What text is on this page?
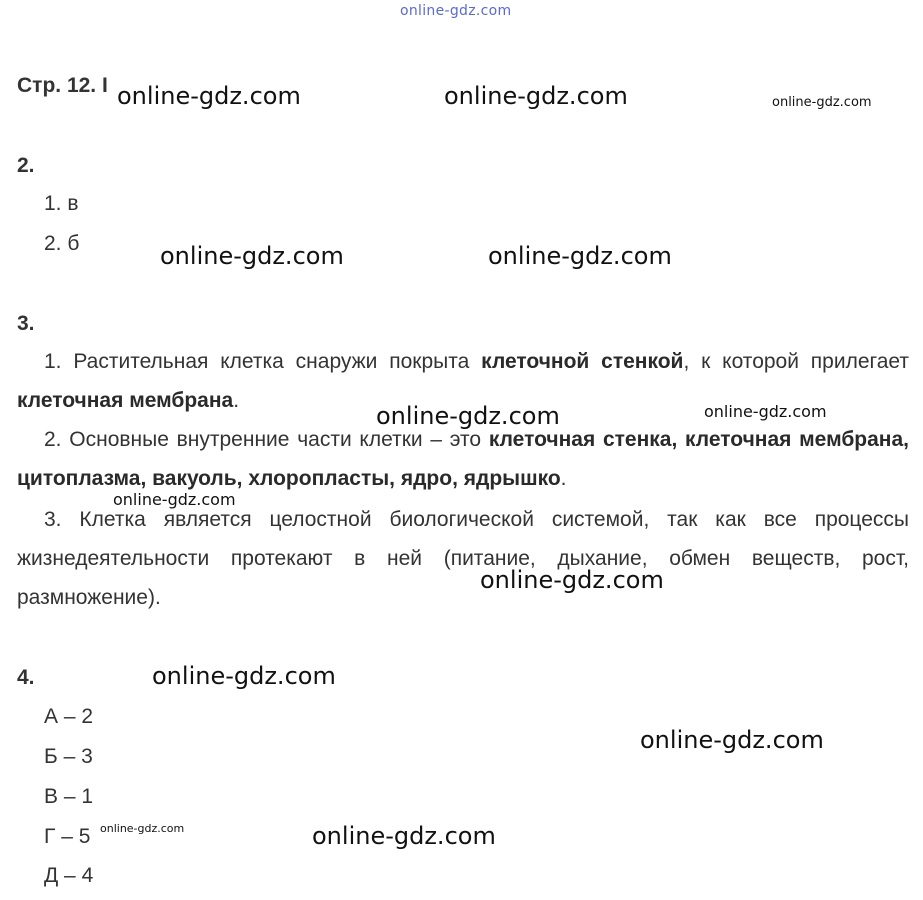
online-gdz.com
Стр. 12. I
2.
1. в
2. б
3.
1. Растительная клетка снаружи покрыта клеточной стенкой, к которой прилегает клеточная мембрана.
2. Основные внутренние части клетки – это клеточная стенка, клеточная мембрана, цитоплазма, вакуоль, хлоропласты, ядро, ядрышко.
3. Клетка является целостной биологической системой, так как все процессы жизнедеятельности протекают в ней (питание, дыхание, обмен веществ, рост, размножение).
4.
А – 2
Б – 3
В – 1
Г – 5
Д – 4
online-gdz.com	online-gdz.com	online-gdz.com
online-gdz.com	online-gdz.com
online-gdz.com	online-gdz.com
online-gdz.com
online-gdz.com
online-gdz.com
online-gdz.com
online-gdz.com	online-gdz.com
